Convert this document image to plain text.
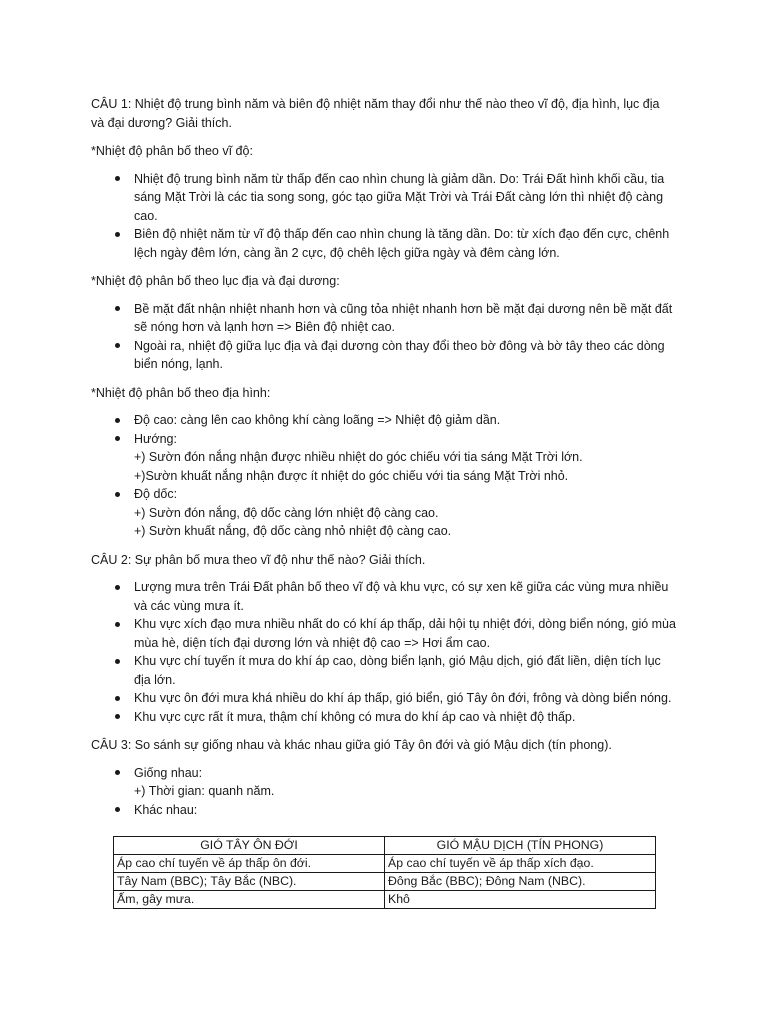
CÂU 1: Nhiệt độ trung bình năm và biên độ nhiệt năm thay đổi như thế nào theo vĩ độ, địa hình, lục địa và đại dương? Giải thích.

*Nhiệt độ phân bố theo vĩ độ:

Nhiệt độ trung bình năm từ thấp đến cao nhìn chung là giảm dần. Do: Trái Đất hình khối cầu, tia sáng Mặt Trời là các tia song song, góc tạo giữa Mặt Trời và Trái Đất càng lớn thì nhiệt độ càng cao.
Biên độ nhiệt năm từ vĩ độ thấp đến cao nhìn chung là tăng dần. Do: từ xích đạo đến cực, chênh lệch ngày đêm lớn, càng ần 2 cực, độ chêh lệch giữa ngày và đêm càng lớn.

*Nhiệt độ phân bố theo lục địa và đại dương:

Bề mặt đất nhận nhiệt nhanh hơn và cũng tỏa nhiệt nhanh hơn bề mặt đại dương nên bề mặt đất sẽ nóng hơn và lạnh hơn => Biên độ nhiệt cao.
Ngoài ra, nhiệt độ giữa lục địa và đại dương còn thay đổi theo bờ đông và bờ tây theo các dòng biển nóng, lạnh.

*Nhiệt độ phân bố theo địa hình:

Độ cao: càng lên cao không khí càng loãng => Nhiệt độ giảm dần.
Hướng:
+) Sườn đón nắng nhận được nhiều nhiệt do góc chiếu với tia sáng Mặt Trời lớn.
+)Sườn khuất nắng nhận được ít nhiệt do góc chiếu với tia sáng Mặt Trời nhỏ.
Độ dốc:
+) Sườn đón nắng, độ dốc càng lớn nhiệt độ càng cao.
+) Sườn khuất nắng, độ dốc càng nhỏ nhiệt độ càng cao.

CÂU 2: Sự phân bố mưa theo vĩ độ như thế nào? Giải thích.

Lượng mưa trên Trái Đất phân bố theo vĩ độ và khu vực, có sự xen kẽ giữa các vùng mưa nhiều và các vùng mưa ít.
Khu vực xích đạo mưa nhiều nhất do có khí áp thấp, dải hội tụ nhiệt đới, dòng biển nóng, gió mùa mùa hè, diện tích đại dương lớn và nhiệt độ cao => Hơi ẩm cao.
Khu vực chí tuyến ít mưa do khí áp cao, dòng biển lạnh, gió Mậu dịch, gió đất liền, diện tích lục địa lớn.
Khu vực ôn đới mưa khá nhiều do khí áp thấp, gió biển, gió Tây ôn đới, frông và dòng biển nóng.
Khu vực cực rất ít mưa, thậm chí không có mưa do khí áp cao và nhiệt độ thấp.

CÂU 3: So sánh sự giống nhau và khác nhau giữa gió Tây ôn đới và gió Mậu dịch (tín phong).

Giống nhau:
+) Thời gian: quanh năm.
Khác nhau:
GIÓ TÂY ÔN ĐỚI	GIÓ MẬU DỊCH (TÍN PHONG)
Áp cao chí tuyến về áp thấp ôn đới.	Áp cao chí tuyến về áp thấp xích đạo.
Tây Nam (BBC); Tây Bắc (NBC).	Đông Bắc (BBC); Đông Nam (NBC).
Ấm, gây mưa.	Khô
